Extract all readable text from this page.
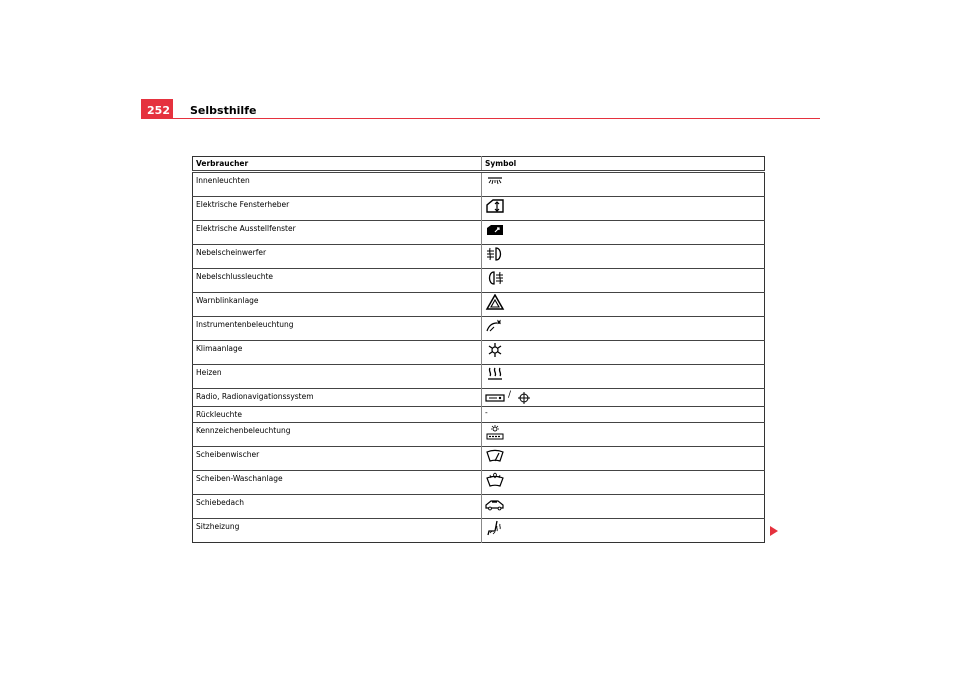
252 Selbsthilfe
Verbraucher	Symbol
Innenleuchten	
Elektrische Fensterheber	
Elektrische Ausstellfenster	
Nebelscheinwerfer	
Nebelschlussleuchte	
Warnblinkanlage	
Instrumentenbeleuchtung	
Klimaanlage	
Heizen	
Radio, Radionavigationssystem	/
Rückleuchte	-
Kennzeichenbeleuchtung	
Scheibenwischer	
Scheiben-Waschanlage	
Schiebedach	
Sitzheizung	
